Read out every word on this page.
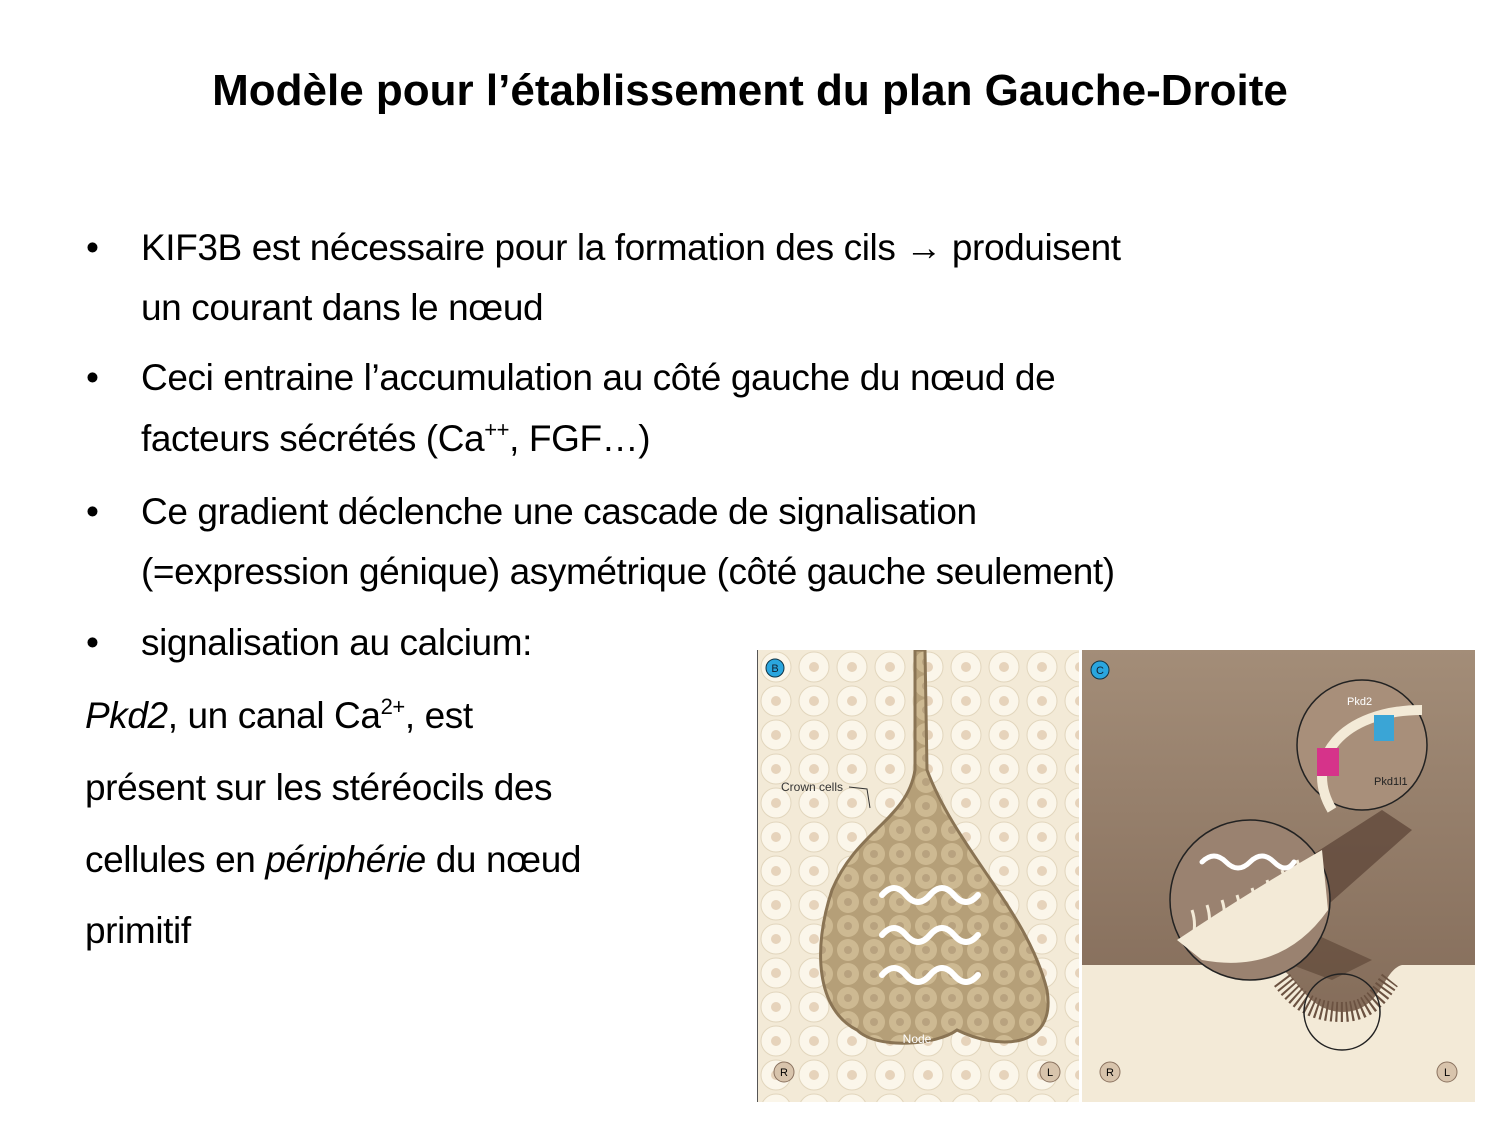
Modèle pour l’établissement du plan Gauche-Droite
• KIF3B est nécessaire pour la formation des cils → produisent
un courant dans le nœud
• Ceci entraine l’accumulation au côté gauche du nœud de
facteurs sécrétés (Ca++, FGF…)
• Ce gradient déclenche une cascade de signalisation
(=expression génique) asymétrique (côté gauche seulement)
• signalisation au calcium:
Pkd2, un canal $Ca^{2+}$, est
présent sur les stéréocils des
cellules en périphérie du nœud
primitif
B
Crown cells
Node
R	L
Pkd2
Pkd1l1
C
R	L
